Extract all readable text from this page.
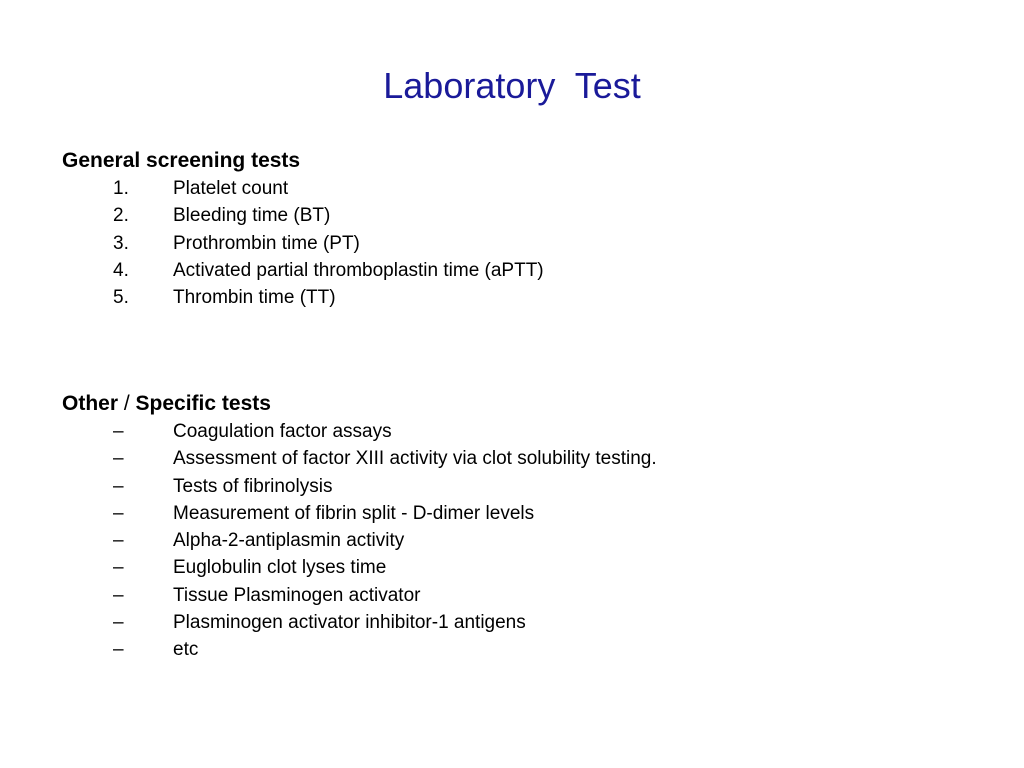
Laboratory  Test
General screening tests
1. Platelet count
2. Bleeding time (BT)
3. Prothrombin time (PT)
4. Activated partial thromboplastin time (aPTT)
5. Thrombin time (TT)
Other / Specific tests
–	Coagulation factor assays
–	Assessment of factor XIII activity via clot solubility testing.
–	Tests of fibrinolysis
–	Measurement of fibrin split - D-dimer levels
–	Alpha-2-antiplasmin activity
–	Euglobulin clot lyses time
–	Tissue Plasminogen activator
–	Plasminogen activator inhibitor-1 antigens
–	etc
